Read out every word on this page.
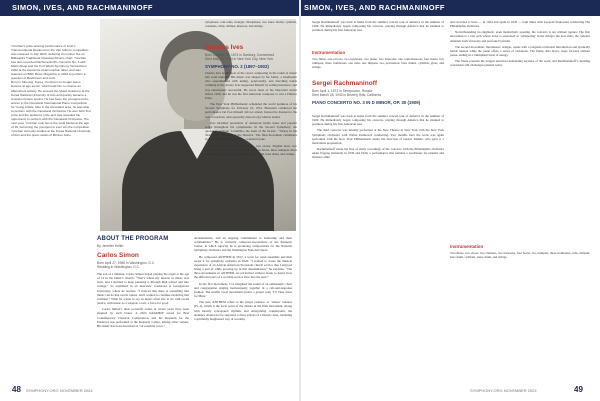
SIMON, IVES, AND RACHMANINOFF	SIMON, IVES, AND RACHMANINOFF

Yunchan’s prize-winning performance of Liszt’s Transcendental Études from the Van Cliburn competition was released in July 2023, debuting at number five on Billboard’s Traditional Classical Albums chart. Yunchan has also recorded Rachmaninoff’s Concerto No. 3 with Marin Alsop and the Fort Worth Symphony Orchestra in 2022 at the Deutsche Grammophon label, and was featured on BBC Music Magazine in 2023 to perform a question of Beethoven and Liszt.

Born in Siheung, Korea, Yunchan Lim began piano lessons at age seven, which lead him to choose an afterschool activity. He entered the Music Academy at the Korea National University of Arts and quickly became a renowned piano soloist. He has been the youngest prize-winner in the Cleveland International Piano Competition for Young Artists. Also in the Cleveland area, he was able to perform with the Cleveland Orchestra. He won both first prize and the audience prize and was awarded the opportunity to perform with the Cleveland Orchestra. The next year, Yunchan took home the Gold Medal at the age of 18, becoming the youngest to ever win the competition. Yunchan currently studies at the Korea National University of Arts and the piano studio of Minsoo Sohn.

ABOUT THE PROGRAM
By Jennifer Keller
Carlos Simon
Born April 27, 1986 in Washington, D.C.
Residing in Washington, D.C.

The son of a minister, Carlos Simon began playing the organ at the age of 12 in his father’s church. “That’s where my interest in music was born, and I decided to keep pursuing it through high school and into college,” he explained in an interview conducted at Georgetown University, where he teaches. “I noticed that there is something like music can do that words cannot, and I wanted to continue exploring that tradition.” What he wants to say in music often has to do with social justice, with music as a weapon, a tool, a force for good.

Carlos Simon’s most powerful works in recent years have been inspired by such issues. A 2023 GRAMMY award for Best Contemporary Classical Composition, and his Requiem for the Enslaved was performed at the Kennedy Center, among other venues. His music has been described as “an essential voice.”

documentaries, and an ongoing commitment to leadership and their communities.” He is currently composer-in-residence of the Kennedy Center, in which capacity he is producing compositions for the National Symphony Orchestra and the Washington National Opera.

He composed ANTHEM in 2017, a work for wind ensemble and then recast it for symphony orchestra in 2020. “I wanted to create the musical experience of an African American Protestant church service that I enjoyed being a part of while growing up in this denomination,” he explains. “The three movements in ANTHEM are performed without break to depict how the different parts of a worship service flow into the next.”

In the first movement, I’ve imagined the sound of an enthusiastic choir and congregation singing harmoniously together in a call-and-response fashion. The soulful vocal movement quotes a gospel song ‘I’ll Take Jesus for Mine.’

The title, ANTHEM refers to the plagal cadence, or ‘Amen’ cadence (IV–I), which is the focal point of the climax in the final movement. Along with heavily syncopated rhythms and enterprising counterpoint, the audience should not be surprised to hear echoes of a historic tune, rendering a spiritually heightened way of worship.

xylophone, tom-toms, triangle, vibraphone, two snare drums, cymbals, castanets, whip, chimes, maracas, and strings.

Charles Ives
Born October 20, 1874 in Danbury, Connecticut
Died May 19, 1954 in New York City, New York
SYMPHONY NO. 2 (1897–1902)

Charles Ives spent most of his career composing in the realm of music that went unheard. His music was shaped by his father, a bandleader who experimented with tuning, polytonality, and marching bands colliding in the streets. Ives supported himself by selling insurance, and was enormously successful. He wrote most of his important works before 1920, and he was the first American composer to win a Pulitzer Prize.

The New York Philharmonic scheduled the world premiere of his Second Symphony for February 22, 1951. Bernstein conducted the performance but Ives himself did not attend. Instead he listened to the radio broadcast, and reportedly danced a jig when it ended.

Ives included quotations of American hymn tunes and popular songs throughout his symphonies. In the Second Symphony, the quotations include ‘Columbia, the Gem of the Ocean,’ ‘Turkey in the Straw,’ and ‘Bringing in the Sheaves.’ The final movement culminates in a massive dissonant chord — a musical joke.

Instruments: Two flutes, piccolo, two oboes, English horn, two clarinets, two bassoons, contrabassoon, four horns, three trumpets, three trombones, tuba, timpani, triangle, snare drum, bass drum, and strings.

48 SYMPHONY.ORG NOVEMBER 2024

Sergei Rachmaninoff was back at home from his summer concert tour of America in the summer of 1909. He immediately began composing his concerto, playing through America that he planned to premiere during his first American tour.

Instrumentation

Two flutes, one piccolo, two keyboard, two piano, two bassoons, one contrabassoon, four horns, two trumpets, three trombones, one tuba, one timpani, two percussion, bass drums, cymbals, glass, and strings.

Sergei Rachmaninoff
Born April 1, 1873 in Semyonovo, Russia
Died March 28, 1943 in Beverly Hills, California
PIANO CONCERTO NO. 3 IN D MINOR, OP. 30 (1909)

Sergei Rachmaninoff was back at home from his summer concert tour of America in the summer of 1909. He immediately began composing his concerto, playing through America that he planned to premiere during his first American tour.

The third concerto was initially performed at the New Theatre in New York with the New York Symphony Orchestra with Walter Damrosch conducting. Two months later the work was again performed with the New York Philharmonic under the direction of Gustav Mahler, who gave it a meticulous preparation.

Rachmaninoff made his first of many recordings of the concerto with the Philadelphia Orchestra under Eugene Ormandy in 1939 and 1940, a performance that remains a touchstone for pianists and listeners alike.

and recorded it twice — in 1924 and again in 1929 — both times with Leopold Stokowski conducting The Philadelphia Orchestra.

Notwithstanding its enigmatic, even melancholic opening, the concerto is not without rapture. The first movement is a vast arch whose ardor is expressed as ‘whispering’ in the Allegro ma non tanto; the cadenza demands both virtuosity and profound lyricism.

The second movement, Intermezzo: Adagio, opens with a poignant orchestral introduction and gradually builds tension while the piano offers a series of variations. The finale, Alla breve, leaps forward without pause, ending in a triumphant burst of energy.

The finale presents the longest and most demanding sections of the work, and Rachmaninoff’s dazzling conclusion still challenges pianists today.

Instrumentation

Two flutes, two oboes, two clarinets, two bassoons, four horns, two trumpets, three trombones, tuba, timpani, bass drum, cymbals, snare drum, and strings.

SYMPHONY.ORG NOVEMBER 2024	49
